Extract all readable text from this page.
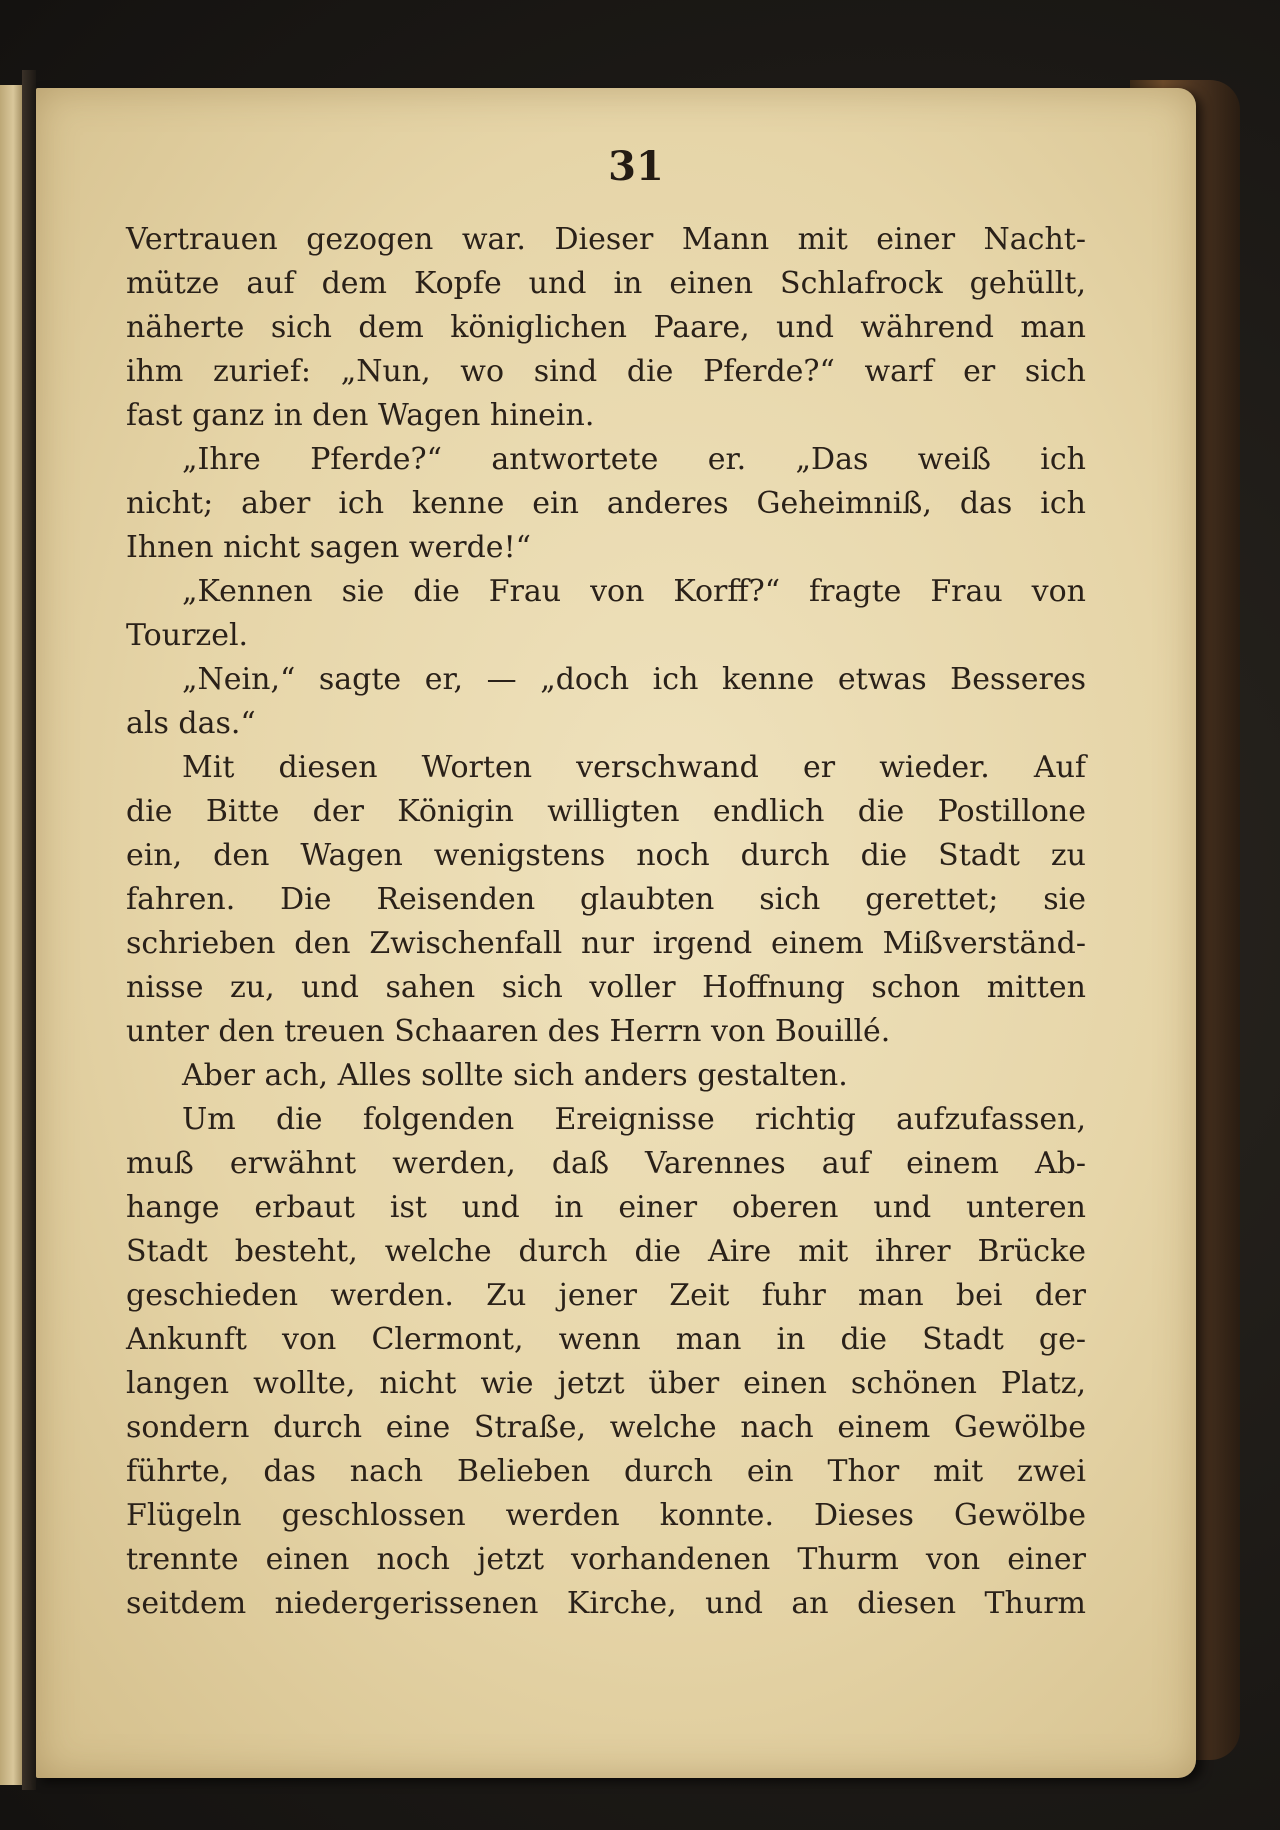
31

Vertrauen gezogen war. Dieser Mann mit einer Nacht-

mütze auf dem Kopfe und in einen Schlafrock gehüllt,

näherte sich dem königlichen Paare, und während man

ihm zurief: „Nun, wo sind die Pferde?“ warf er sich

fast ganz in den Wagen hinein.

„Ihre Pferde?“ antwortete er. „Das weiß ich

nicht; aber ich kenne ein anderes Geheimniß, das ich

Ihnen nicht sagen werde!“

„Kennen sie die Frau von Korff?“ fragte Frau von

Tourzel.

„Nein,“ sagte er, — „doch ich kenne etwas Besseres

als das.“

Mit diesen Worten verschwand er wieder. Auf

die Bitte der Königin willigten endlich die Postillone

ein, den Wagen wenigstens noch durch die Stadt zu

fahren. Die Reisenden glaubten sich gerettet; sie

schrieben den Zwischenfall nur irgend einem Mißverständ-

nisse zu, und sahen sich voller Hoffnung schon mitten

unter den treuen Schaaren des Herrn von Bouillé.

Aber ach, Alles sollte sich anders gestalten.

Um die folgenden Ereignisse richtig aufzufassen,

muß erwähnt werden, daß Varennes auf einem Ab-

hange erbaut ist und in einer oberen und unteren

Stadt besteht, welche durch die Aire mit ihrer Brücke

geschieden werden. Zu jener Zeit fuhr man bei der

Ankunft von Clermont, wenn man in die Stadt ge-

langen wollte, nicht wie jetzt über einen schönen Platz,

sondern durch eine Straße, welche nach einem Gewölbe

führte, das nach Belieben durch ein Thor mit zwei

Flügeln geschlossen werden konnte. Dieses Gewölbe

trennte einen noch jetzt vorhandenen Thurm von einer

seitdem niedergerissenen Kirche, und an diesen Thurm
